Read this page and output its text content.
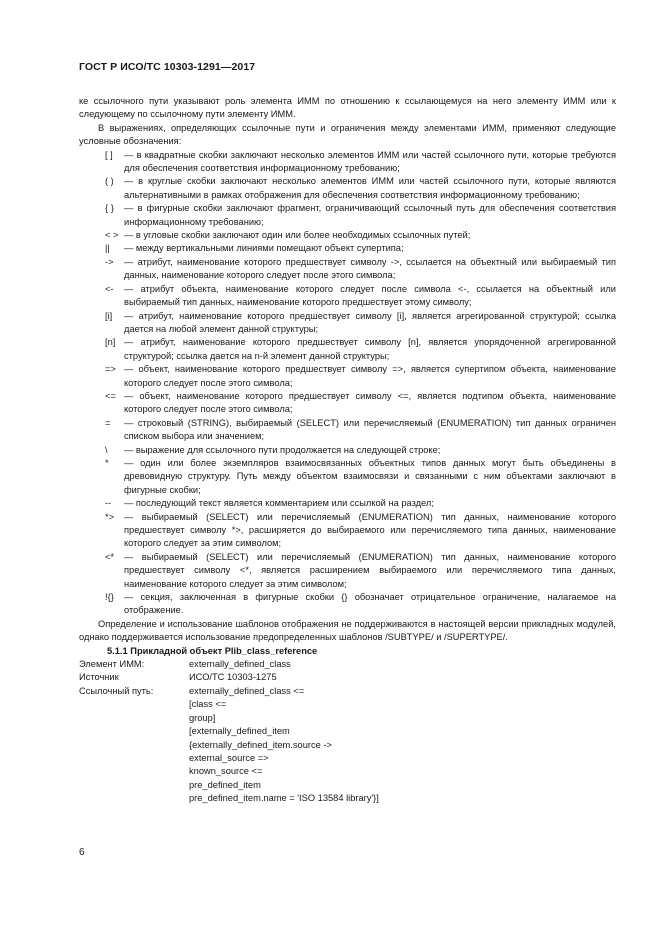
ГОСТ Р ИСО/ТС 10303-1291—2017

ке ссылочного пути указывают роль элемента ИММ по отношению к ссылающемуся на него элементу ИММ или к следующему по ссылочному пути элементу ИММ.

В выражениях, определяющих ссылочные пути и ограничения между элементами ИММ, применяют следующие условные обозначения:

[ ] — в квадратные скобки заключают несколько элементов ИММ или частей ссылочного пути, которые требуются для обеспечения соответствия информационному требованию;
( ) — в круглые скобки заключают несколько элементов ИММ или частей ссылочного пути, которые являются альтернативными в рамках отображения для обеспечения соответствия информационному требованию;
{ } — в фигурные скобки заключают фрагмент, ограничивающий ссылочный путь для обеспечения соответствия информационному требованию;
< > — в угловые скобки заключают один или более необходимых ссылочных путей;
|| — между вертикальными линиями помещают объект супертипа;
-> — атрибут, наименование которого предшествует символу ->, ссылается на объектный или выбираемый тип данных, наименование которого следует после этого символа;
<- — атрибут объекта, наименование которого следует после символа <-, ссылается на объектный или выбираемый тип данных, наименование которого предшествует этому символу;
[i] — атрибут, наименование которого предшествует символу [i], является агрегированной структурой; ссылка дается на любой элемент данной структуры;
[n] — атрибут, наименование которого предшествует символу [n], является упорядоченной агрегированной структурой; ссылка дается на n-й элемент данной структуры;
=> — объект, наименование которого предшествует символу =>, является супертипом объекта, наименование которого следует после этого символа;
<= — объект, наименование которого предшествует символу <=, является подтипом объекта, наименование которого следует после этого символа;
= — строковый (STRING), выбираемый (SELECT) или перечисляемый (ENUMERATION) тип данных ограничен списком выбора или значением;
\ — выражение для ссылочного пути продолжается на следующей строке;
* — один или более экземпляров взаимосвязанных объектных типов данных могут быть объединены в древовидную структуру. Путь между объектом взаимосвязи и связанными с ним объектами заключают в фигурные скобки;
-- — последующий текст является комментарием или ссылкой на раздел;
*> — выбираемый (SELECT) или перечисляемый (ENUMERATION) тип данных, наименование которого предшествует символу *>, расширяется до выбираемого или перечисляемого типа данных, наименование которого следует за этим символом;
<* — выбираемый (SELECT) или перечисляемый (ENUMERATION) тип данных, наименование которого предшествует символу <*, является расширением выбираемого или перечисляемого типа данных, наименование которого следует за этим символом;
!{} — секция, заключенная в фигурные скобки {} обозначает отрицательное ограничение, налагаемое на отображение.

Определение и использование шаблонов отображения не поддерживаются в настоящей версии прикладных модулей, однако поддерживается использование предопределенных шаблонов /SUBTYPE/ и /SUPERTYPE/.

5.1.1 Прикладной объект Plib_class_reference
Элемент ИММ:	externally_defined_class
Источник	ИСО/ТС 10303-1275
Ссылочный путь:	externally_defined_class <=
[class <=
group]
[externally_defined_item
{externally_defined_item.source ->
external_source =>
known_source <=
pre_defined_item
pre_defined_item.name = 'ISO 13584 library'}]
6
